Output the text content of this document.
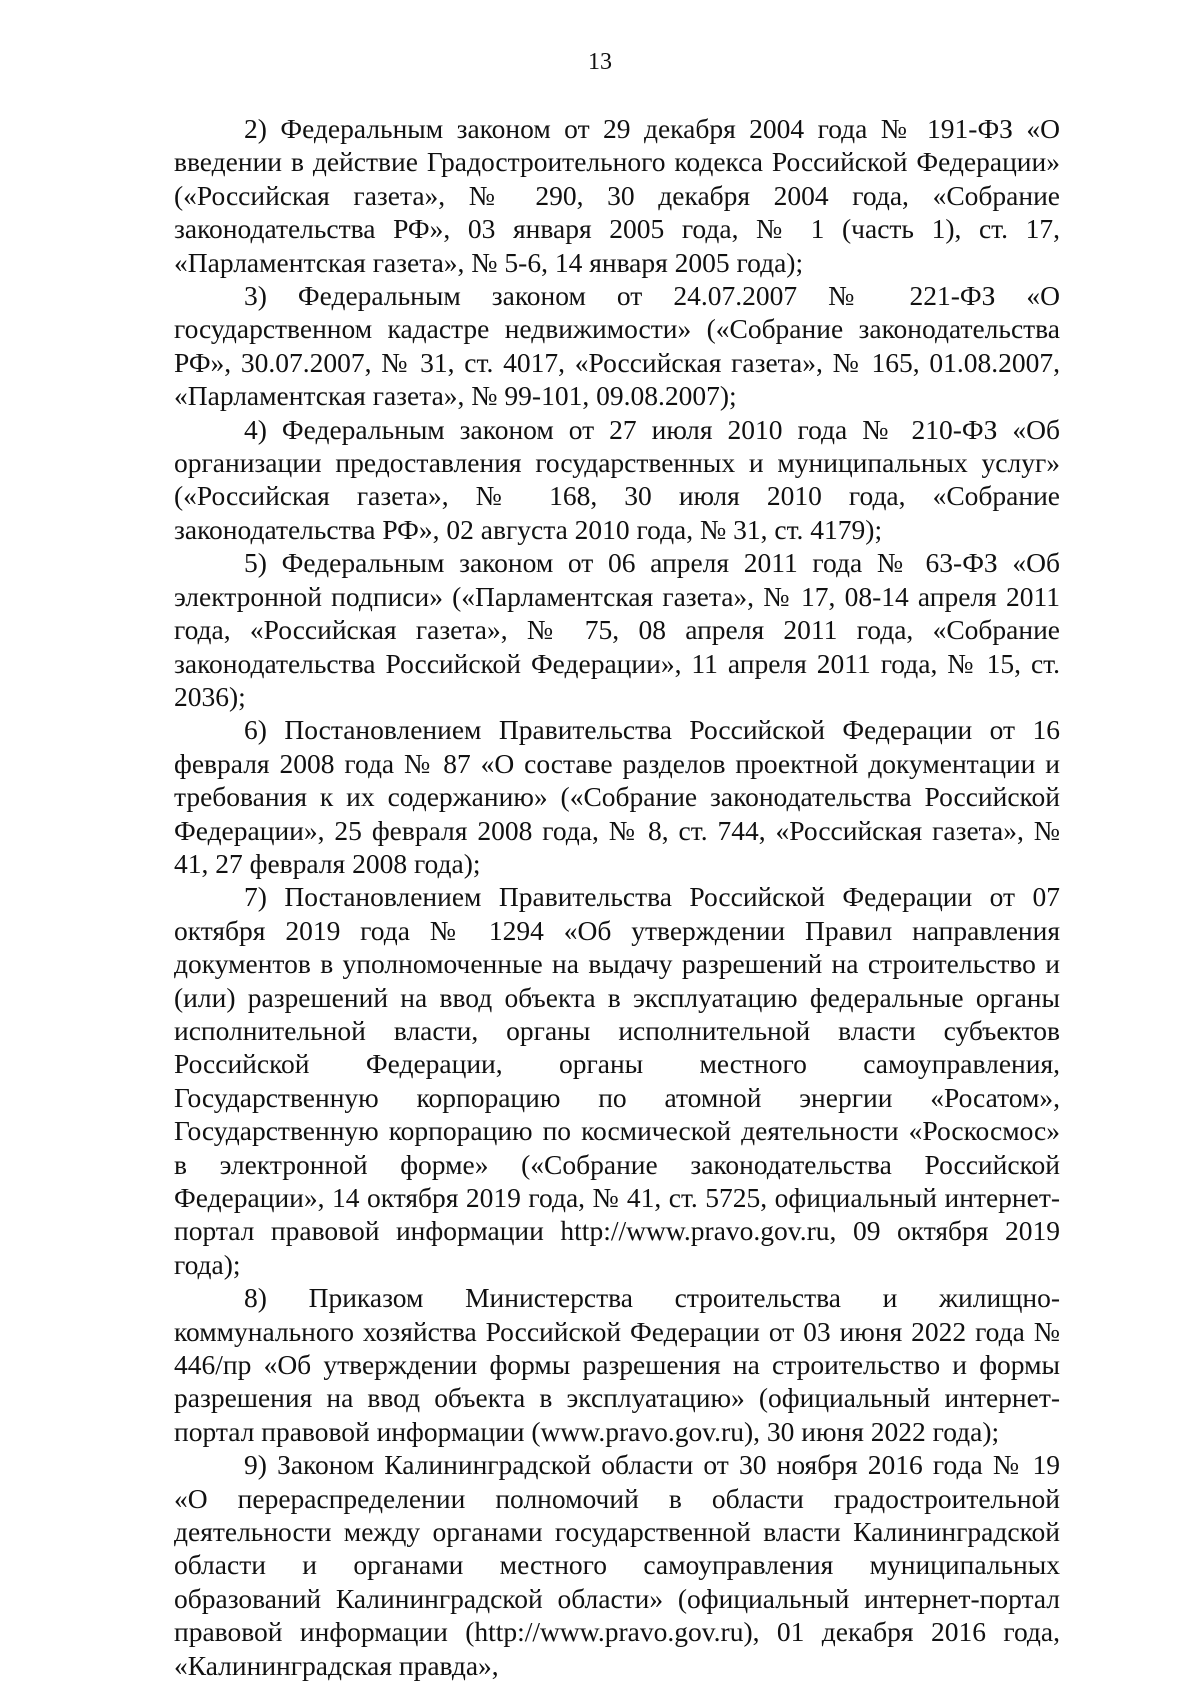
13

2) Федеральным законом от 29 декабря 2004 года № 191-ФЗ «О введении в действие Градостроительного кодекса Российской Федерации» («Российская газета», № 290, 30 декабря 2004 года, «Собрание законодательства РФ», 03 января 2005 года, № 1 (часть 1), ст. 17, «Парламентская газета», № 5-6, 14 января 2005 года);

3) Федеральным законом от 24.07.2007 № 221-ФЗ «О государственном кадастре недвижимости» («Собрание законодательства РФ», 30.07.2007, № 31, ст. 4017, «Российская газета», № 165, 01.08.2007, «Парламентская газета», № 99-101, 09.08.2007);

4) Федеральным законом от 27 июля 2010 года № 210-ФЗ «Об организации предоставления государственных и муниципальных услуг» («Российская газета», № 168, 30 июля 2010 года, «Собрание законодательства РФ», 02 августа 2010 года, № 31, ст. 4179);

5) Федеральным законом от 06 апреля 2011 года № 63-ФЗ «Об электронной подписи» («Парламентская газета», № 17, 08-14 апреля 2011 года, «Российская газета», № 75, 08 апреля 2011 года, «Собрание законодательства Российской Федерации», 11 апреля 2011 года, № 15, ст. 2036);

6) Постановлением Правительства Российской Федерации от 16 февраля 2008 года № 87 «О составе разделов проектной документации и требования к их содержанию» («Собрание законодательства Российской Федерации», 25 февраля 2008 года, № 8, ст. 744, «Российская газета», № 41, 27 февраля 2008 года);

7) Постановлением Правительства Российской Федерации от 07 октября 2019 года № 1294 «Об утверждении Правил направления документов в уполномоченные на выдачу разрешений на строительство и (или) разрешений на ввод объекта в эксплуатацию федеральные органы исполнительной власти, органы исполнительной власти субъектов Российской Федерации, органы местного самоуправления, Государственную корпорацию по атомной энергии «Росатом», Государственную корпорацию по космической деятельности «Роскосмос» в электронной форме» («Собрание законодательства Российской Федерации», 14 октября 2019 года, № 41, ст. 5725, официальный интернет-портал правовой информации http://www.pravo.gov.ru, 09 октября 2019 года);

8) Приказом Министерства строительства и жилищно-коммунального хозяйства Российской Федерации от 03 июня 2022 года № 446/пр «Об утверждении формы разрешения на строительство и формы разрешения на ввод объекта в эксплуатацию» (официальный интернет-портал правовой информации (www.pravo.gov.ru), 30 июня 2022 года);

9) Законом Калининградской области от 30 ноября 2016 года № 19 «О перераспределении полномочий в области градостроительной деятельности между органами государственной власти Калининградской области и органами местного самоуправления муниципальных образований Калининградской области» (официальный интернет-портал правовой информации (http://www.pravo.gov.ru), 01 декабря 2016 года, «Калининградская правда»,
